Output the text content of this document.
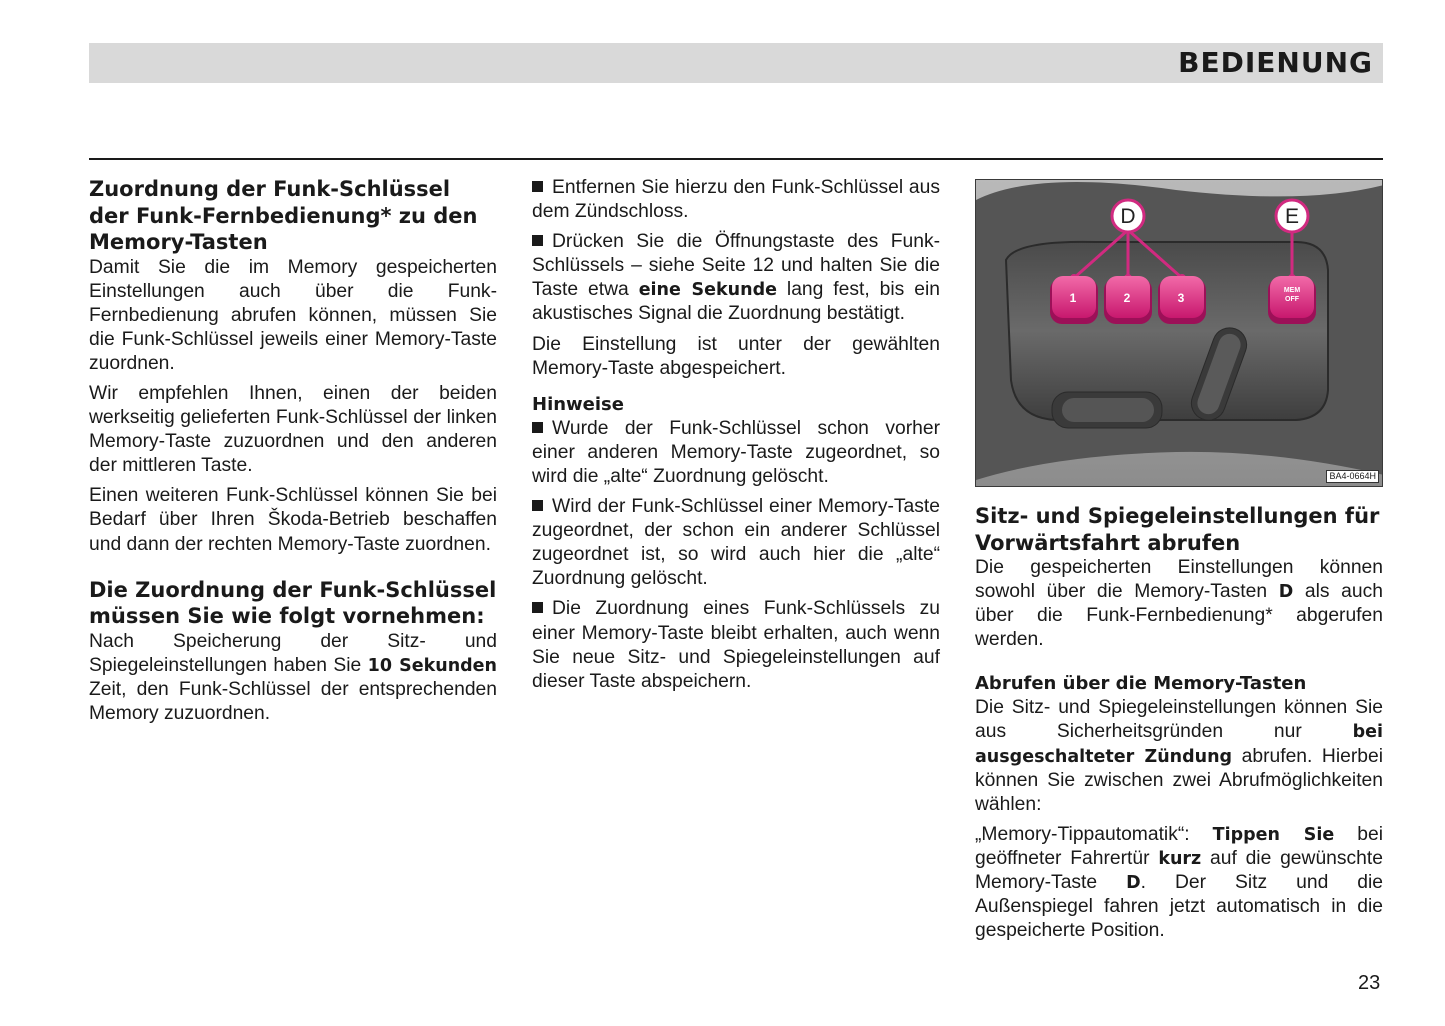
BEDIENUNG
Zuordnung der Funk-Schlüssel der Funk-Fernbedienung* zu den Memory-Tasten

Damit Sie die im Memory gespeicherten Einstellungen auch über die Funk-Fernbedienung abrufen können, müssen Sie die Funk-Schlüssel jeweils einer Memory-Taste zuordnen.

Wir empfehlen Ihnen, einen der beiden werkseitig gelieferten Funk-Schlüssel der linken Memory-Taste zuzuordnen und den anderen der mittleren Taste.

Einen weiteren Funk-Schlüssel können Sie bei Bedarf über Ihren Škoda-Betrieb beschaffen und dann der rechten Memory-Taste zuordnen.

Die Zuordnung der Funk-Schlüssel müssen Sie wie folgt vornehmen:

Nach Speicherung der Sitz- und Spiegeleinstellungen haben Sie 10 Sekunden Zeit, den Funk-Schlüssel der entsprechenden Memory zuzuordnen.

Entfernen Sie hierzu den Funk-Schlüssel aus dem Zündschloss.

Drücken Sie die Öffnungstaste des Funk-Schlüssels – siehe Seite 12 und halten Sie die Taste etwa eine Sekunde lang fest, bis ein akustisches Signal die Zuordnung bestätigt.

Die Einstellung ist unter der gewählten Memory-Taste abgespeichert.

Hinweise

Wurde der Funk-Schlüssel schon vorher einer anderen Memory-Taste zugeordnet, so wird die „alte“ Zuordnung gelöscht.

Wird der Funk-Schlüssel einer Memory-Taste zugeordnet, der schon ein anderer Schlüssel zugeordnet ist, so wird auch hier die „alte“ Zuordnung gelöscht.

Die Zuordnung eines Funk-Schlüssels zu einer Memory-Taste bleibt erhalten, auch wenn Sie neue Sitz- und Spiegeleinstellungen auf dieser Taste abspeichern.

D	E
1	2	3
MEM
OFF
BA4-0664H
Sitz- und Spiegeleinstellungen für Vorwärtsfahrt abrufen

Die gespeicherten Einstellungen können sowohl über die Memory-Tasten D als auch über die Funk-Fernbedienung* abgerufen werden.

Abrufen über die Memory-Tasten

Die Sitz- und Spiegeleinstellungen können Sie aus Sicherheitsgründen nur bei ausgeschalteter Zündung abrufen. Hierbei können Sie zwischen zwei Abrufmöglichkeiten wählen:

„Memory-Tippautomatik“: Tippen Sie bei geöffneter Fahrertür kurz auf die gewünschte Memory-Taste D. Der Sitz und die Außenspiegel fahren jetzt automatisch in die gespeicherte Position.

23
